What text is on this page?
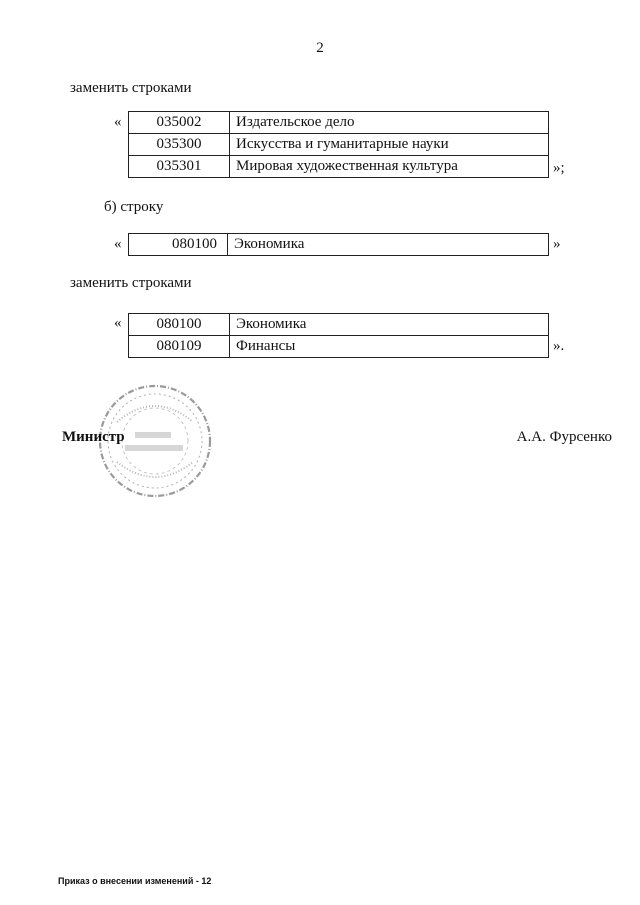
2
заменить строками
« 035002	Издательское дело
035300	Искусства и гуманитарные науки
035301	Мировая художественная культура	»;
б) строку
«	080100	Экономика	»
заменить строками
« 080100	Экономика
080109	Финансы	».
Министр	А.А. Фурсенко
Приказ о внесении изменений - 12
